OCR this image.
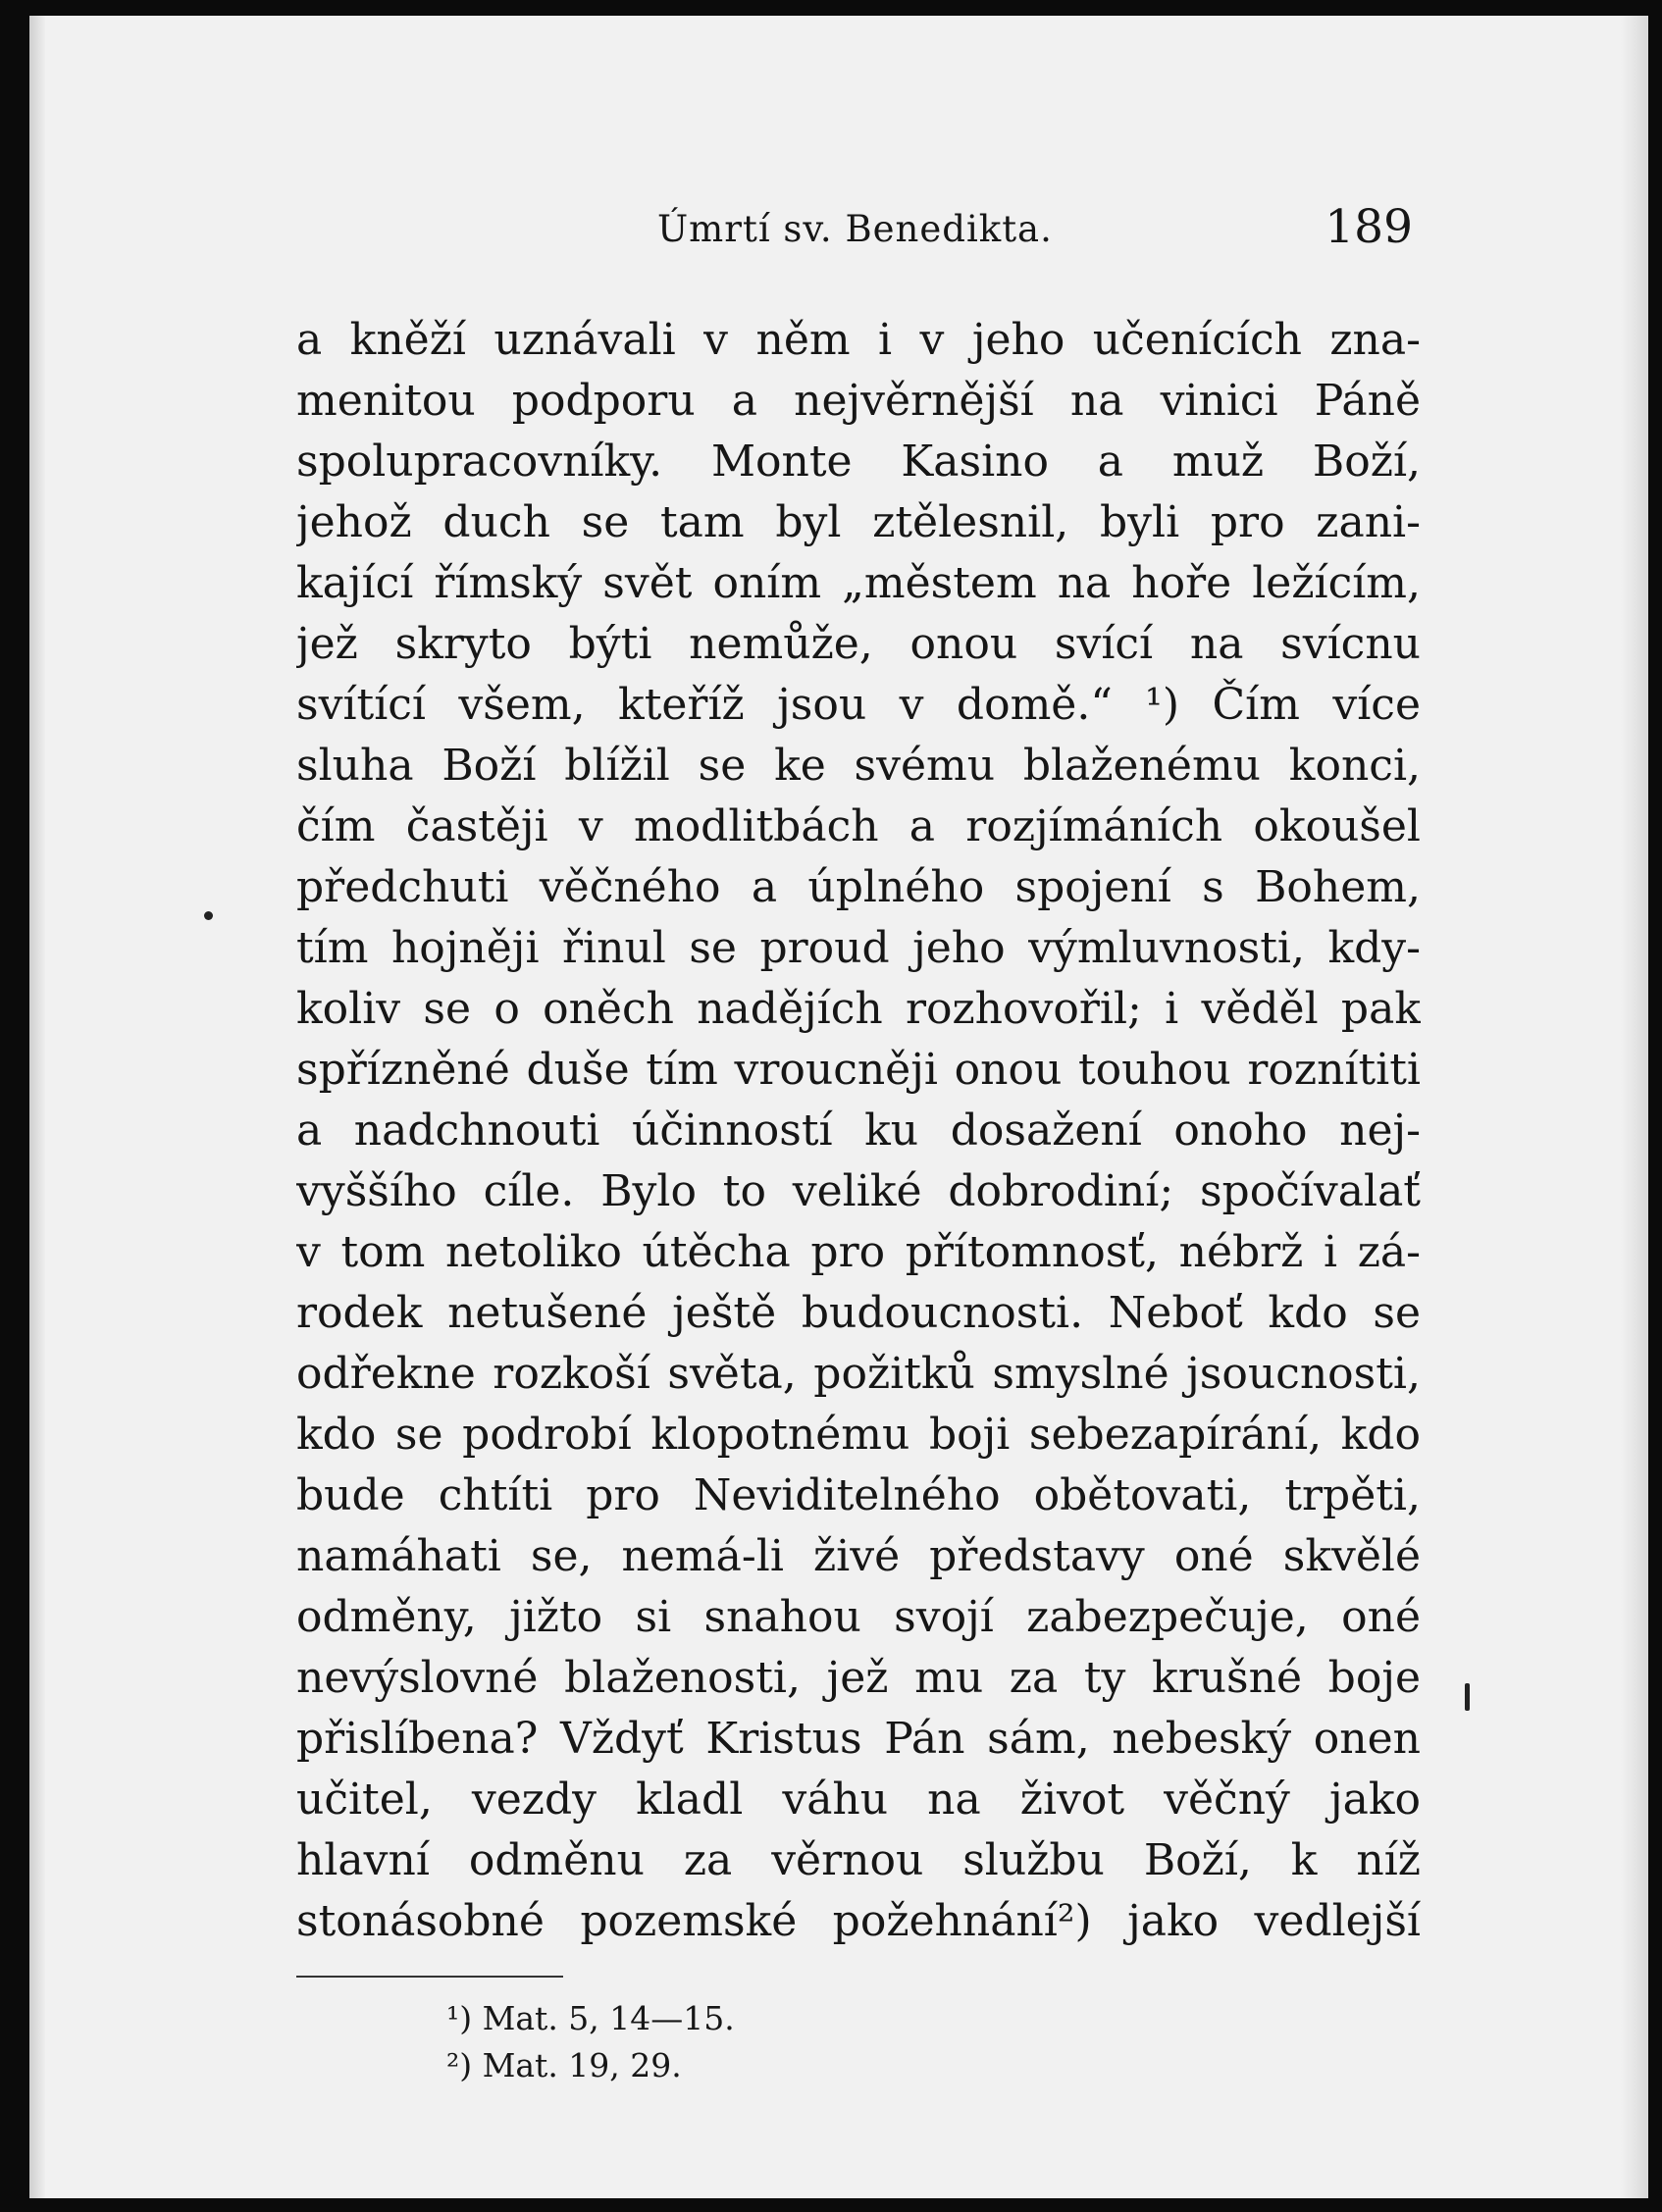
Úmrtí sv. Benedikta.	189
a kněží uznávali v něm i v jeho učenících zna-
menitou podporu a nejvěrnější na vinici Páně
spolupracovníky. Monte Kasino a muž Boží,
jehož duch se tam byl ztělesnil, byli pro zani-
kající římský svět oním „městem na hoře ležícím,
jež skryto býti nemůže, onou svící na svícnu
svítící všem, kteříž jsou v domě.“ ¹) Čím více
sluha Boží blížil se ke svému blaženému konci,
čím častěji v modlitbách a rozjímáních okoušel
předchuti věčného a úplného spojení s Bohem,
tím hojněji řinul se proud jeho výmluvnosti, kdy-
koliv se o oněch nadějích rozhovořil; i věděl pak
spřízněné duše tím vroucněji onou touhou roznítiti
a nadchnouti účinností ku dosažení onoho nej-
vyššího cíle. Bylo to veliké dobrodiní; spočívalať
v tom netoliko útěcha pro přítomnosť, nébrž i zá-
rodek netušené ještě budoucnosti. Neboť kdo se
odřekne rozkoší světa, požitků smyslné jsoucnosti,
kdo se podrobí klopotnému boji sebezapírání, kdo
bude chtíti pro Neviditelného obětovati, trpěti,
namáhati se, nemá-li živé představy oné skvělé
odměny, jižto si snahou svojí zabezpečuje, oné
nevýslovné blaženosti, jež mu za ty krušné boje
přislíbena? Vždyť Kristus Pán sám, nebeský onen
učitel, vezdy kladl váhu na život věčný jako
hlavní odměnu za věrnou službu Boží, k níž
stonásobné pozemské požehnání²) jako vedlejší
¹) Mat. 5, 14—15.
²) Mat. 19, 29.
